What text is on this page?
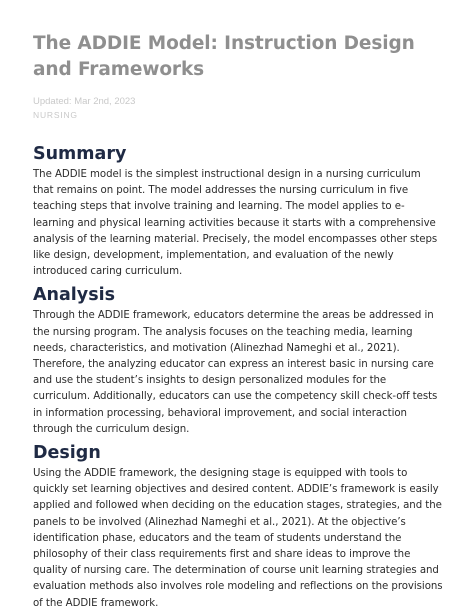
The ADDIE Model: Instruction Design and Frameworks
Updated: Mar 2nd, 2023
NURSING
Summary

The ADDIE model is the simplest instructional design in a nursing curriculum that remains on point. The model addresses the nursing curriculum in five teaching steps that involve training and learning. The model applies to e-learning and physical learning activities because it starts with a comprehensive analysis of the learning material. Precisely, the model encompasses other steps like design, development, implementation, and evaluation of the newly introduced caring curriculum.

Analysis

Through the ADDIE framework, educators determine the areas be addressed in the nursing program. The analysis focuses on the teaching media, learning needs, characteristics, and motivation (Alinezhad Nameghi et al., 2021). Therefore, the analyzing educator can express an interest basic in nursing care and use the student’s insights to design personalized modules for the curriculum. Additionally, educators can use the competency skill check-off tests in information processing, behavioral improvement, and social interaction through the curriculum design.

Design

Using the ADDIE framework, the designing stage is equipped with tools to quickly set learning objectives and desired content. ADDIE’s framework is easily applied and followed when deciding on the education stages, strategies, and the panels to be involved (Alinezhad Nameghi et al., 2021). At the objective’s identification phase, educators and the team of students understand the philosophy of their class requirements first and share ideas to improve the quality of nursing care. The determination of course unit learning strategies and evaluation methods also involves role modeling and reflections on the provisions of the ADDIE framework.
